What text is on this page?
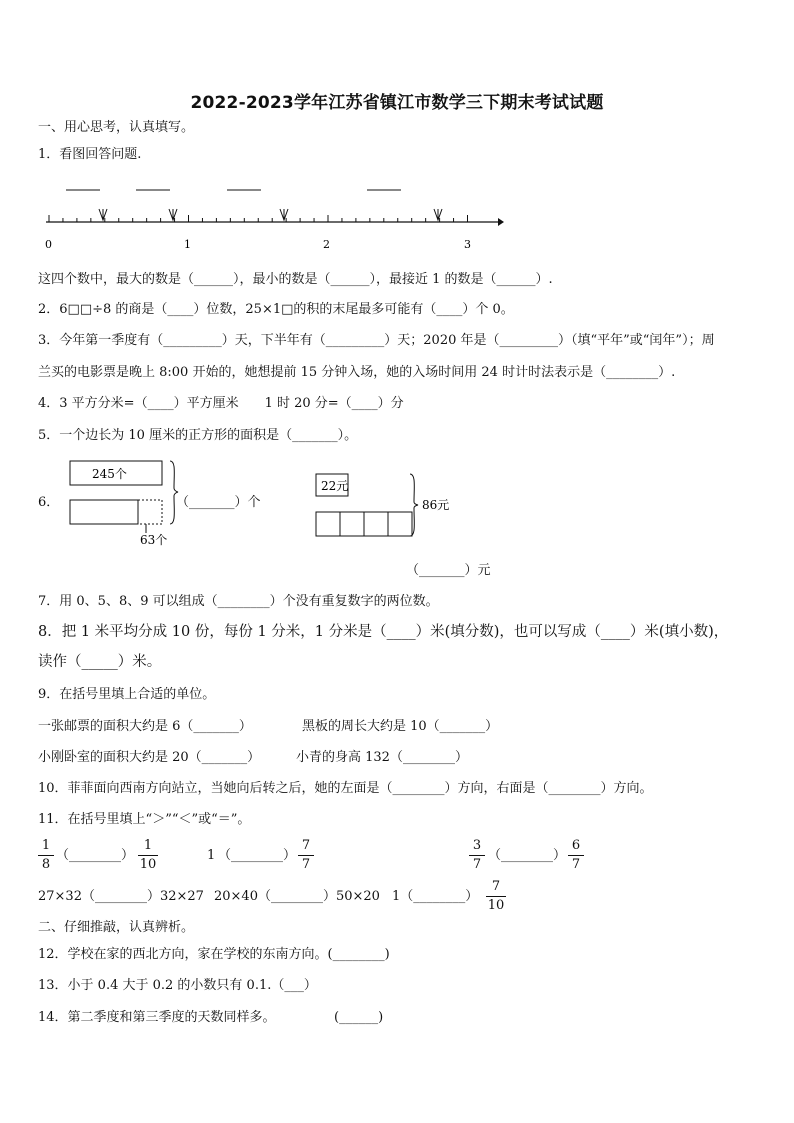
2022-2023学年江苏省镇江市数学三下期末考试试题
一、用心思考，认真填写。
1．看图回答问题.
0	1	2	3
这四个数中，最大的数是（______），最小的数是（______），最接近 1 的数是（______）.
2．6□□÷8 的商是（____）位数，25×1□的积的末尾最多可能有（____）个 0。
3．今年第一季度有（_________）天，下半年有（_________）天；2020 年是（_________）（填“平年”或“闰年”）；周
兰买的电影票是晚上 8:00 开始的，她想提前 15 分钟入场，她的入场时间用 24 时计时法表示是（________）.
4．3 平方分米=（____）平方厘米　　1 时 20 分=（____）分
5．一个边长为 10 厘米的正方形的面积是（_______）。
6．
245个
63个
（_______）个
22元
86元
（_______）元
7．用 0、5、8、9 可以组成（________）个没有重复数字的两位数。
8．把 1 米平均分成 10 份，每份 1 分米，1 分米是（____）米(填分数)，也可以写成（____）米(填小数)，
读作（_____）米。
9．在括号里填上合适的单位。
一张邮票的面积大约是 6（_______）	黑板的周长大约是 10（_______）
小刚卧室的面积大约是 20（_______）	小青的身高 132（________）
10．菲菲面向西南方向站立，当她向后转之后，她的左面是（________）方向，右面是（________）方向。
11．在括号里填上“＞”“＜”或“＝”。
1
8
（________）
1
10
1 （________）
7
7
3
7
（________）
6
7
27×32（________）32×27 20×40（________）50×20 1（________）
7
10
二、仔细推敲，认真辨析。
12．学校在家的西北方向，家在学校的东南方向。(________)
13．小于 0.4 大于 0.2 的小数只有 0.1.（___）
14．第二季度和第三季度的天数同样多。	(______)
